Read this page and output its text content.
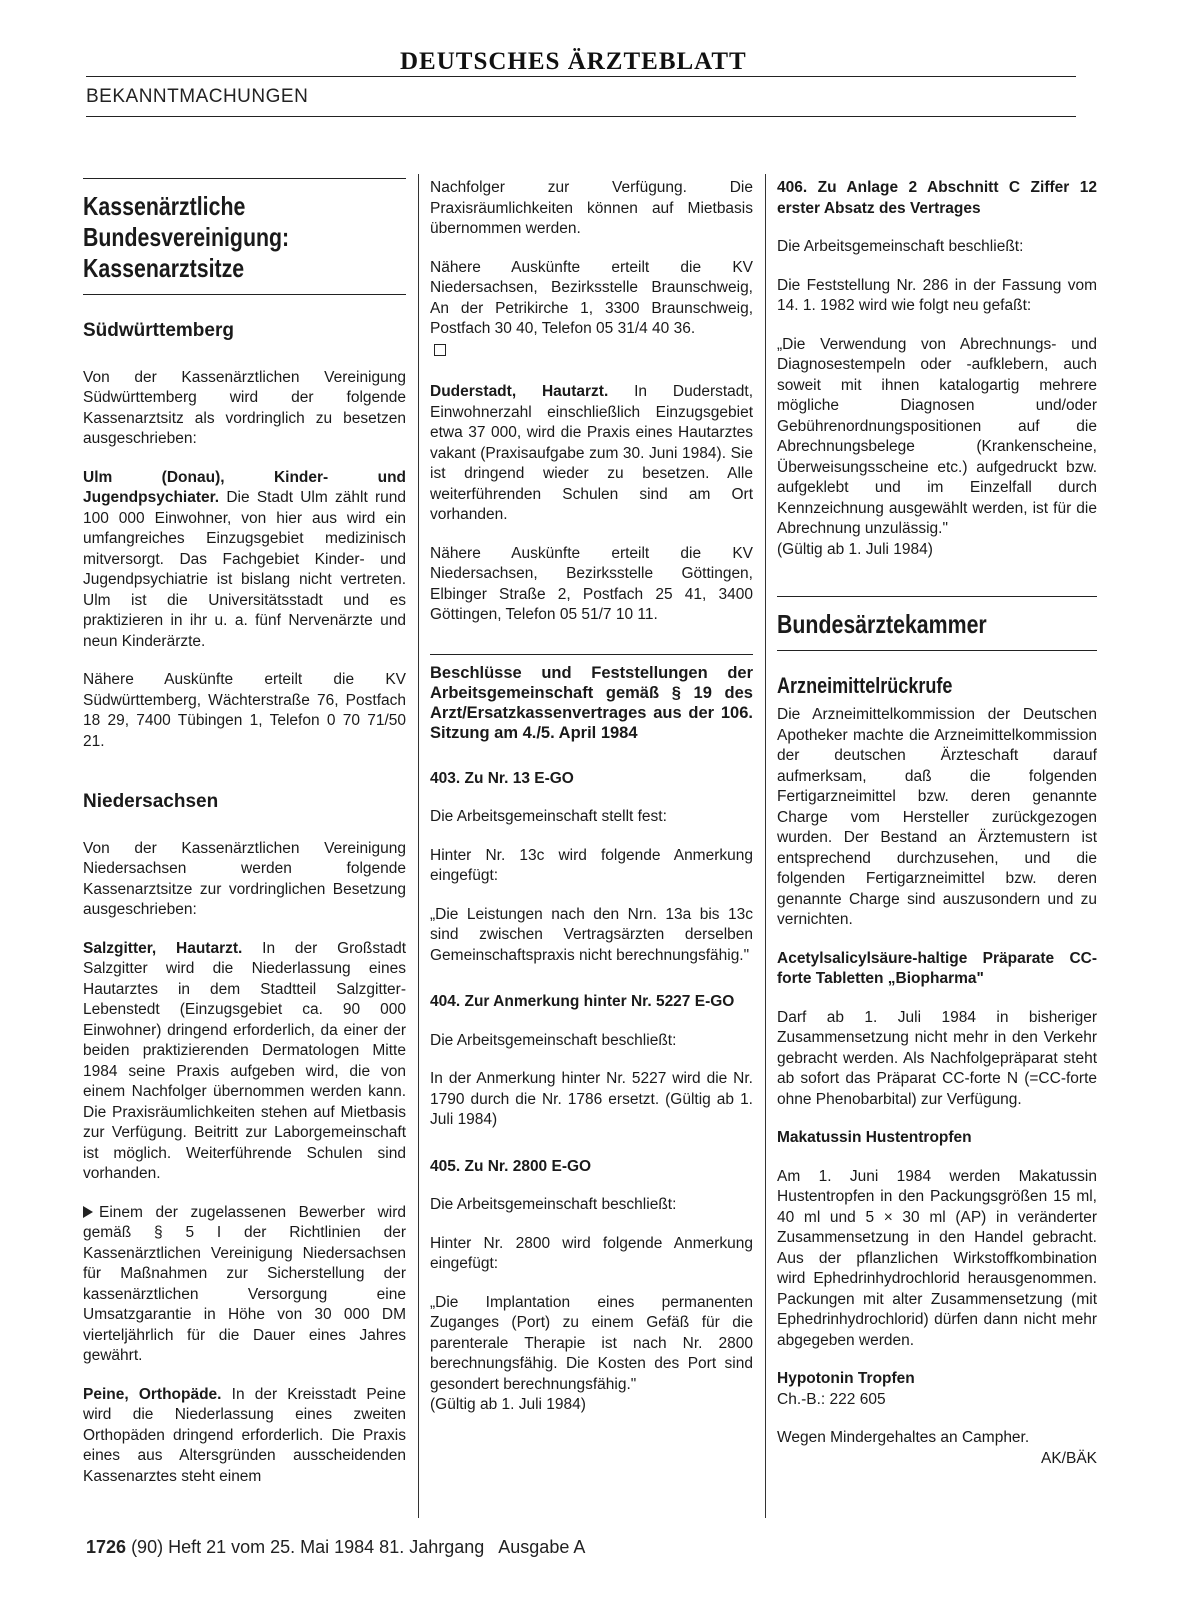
DEUTSCHES ÄRZTEBLATT
BEKANNTMACHUNGEN
Kassenärztliche Bundesvereinigung: Kassenarztsitze
Südwürttemberg

Von der Kassenärztlichen Vereinigung Südwürttemberg wird der folgende Kassenarztsitz als vordringlich zu besetzen ausgeschrieben:

Ulm (Donau), Kinder- und Jugendpsychiater. Die Stadt Ulm zählt rund 100 000 Einwohner, von hier aus wird ein umfangreiches Einzugsgebiet medizinisch mitversorgt. Das Fachgebiet Kinder- und Jugendpsychiatrie ist bislang nicht vertreten. Ulm ist die Universitätsstadt und es praktizieren in ihr u. a. fünf Nervenärzte und neun Kinderärzte.

Nähere Auskünfte erteilt die KV Südwürttemberg, Wächterstraße 76, Postfach 18 29, 7400 Tübingen 1, Telefon 0 70 71/50 21.

Niedersachsen

Von der Kassenärztlichen Vereinigung Niedersachsen werden folgende Kassenarztsitze zur vordringlichen Besetzung ausgeschrieben:

Salzgitter, Hautarzt. In der Großstadt Salzgitter wird die Niederlassung eines Hautarztes in dem Stadtteil Salzgitter-Lebenstedt (Einzugsgebiet ca. 90 000 Einwohner) dringend erforderlich, da einer der beiden praktizierenden Dermatologen Mitte 1984 seine Praxis aufgeben wird, die von einem Nachfolger übernommen werden kann. Die Praxisräumlichkeiten stehen auf Mietbasis zur Verfügung. Beitritt zur Laborgemeinschaft ist möglich. Weiterführende Schulen sind vorhanden.

Einem der zugelassenen Bewerber wird gemäß § 5 I der Richtlinien der Kassenärztlichen Vereinigung Niedersachsen für Maßnahmen zur Sicherstellung der kassenärztlichen Versorgung eine Umsatzgarantie in Höhe von 30 000 DM vierteljährlich für die Dauer eines Jahres gewährt.

Peine, Orthopäde. In der Kreisstadt Peine wird die Niederlassung eines zweiten Orthopäden dringend erforderlich. Die Praxis eines aus Altersgründen ausscheidenden Kassenarztes steht einem

Nachfolger zur Verfügung. Die Praxisräumlichkeiten können auf Mietbasis übernommen werden.

Nähere Auskünfte erteilt die KV Niedersachsen, Bezirksstelle Braunschweig, An der Petrikirche 1, 3300 Braunschweig, Postfach 30 40, Telefon 05 31/4 40 36.

Duderstadt, Hautarzt. In Duderstadt, Einwohnerzahl einschließlich Einzugsgebiet etwa 37 000, wird die Praxis eines Hautarztes vakant (Praxisaufgabe zum 30. Juni 1984). Sie ist dringend wieder zu besetzen. Alle weiterführenden Schulen sind am Ort vorhanden.

Nähere Auskünfte erteilt die KV Niedersachsen, Bezirksstelle Göttingen, Elbinger Straße 2, Postfach 25 41, 3400 Göttingen, Telefon 05 51/7 10 11.

Beschlüsse und Feststellungen der Arbeitsgemeinschaft gemäß § 19 des Arzt/Ersatzkassenvertrages aus der 106. Sitzung am 4./5. April 1984

403. Zu Nr. 13 E-GO

Die Arbeitsgemeinschaft stellt fest:

Hinter Nr. 13c wird folgende Anmerkung eingefügt:

„Die Leistungen nach den Nrn. 13a bis 13c sind zwischen Vertragsärzten derselben Gemeinschaftspraxis nicht berechnungsfähig."

404. Zur Anmerkung hinter Nr. 5227 E-GO

Die Arbeitsgemeinschaft beschließt:

In der Anmerkung hinter Nr. 5227 wird die Nr. 1790 durch die Nr. 1786 ersetzt. (Gültig ab 1. Juli 1984)

405. Zu Nr. 2800 E-GO

Die Arbeitsgemeinschaft beschließt:

Hinter Nr. 2800 wird folgende Anmerkung eingefügt:

„Die Implantation eines permanenten Zuganges (Port) zu einem Gefäß für die parenterale Therapie ist nach Nr. 2800 berechnungsfähig. Die Kosten des Port sind gesondert berechnungsfähig."

(Gültig ab 1. Juli 1984)

406. Zu Anlage 2 Abschnitt C Ziffer 12 erster Absatz des Vertrages

Die Arbeitsgemeinschaft beschließt:

Die Feststellung Nr. 286 in der Fassung vom 14. 1. 1982 wird wie folgt neu gefaßt:

„Die Verwendung von Abrechnungs- und Diagnosestempeln oder -aufklebern, auch soweit mit ihnen katalogartig mehrere mögliche Diagnosen und/oder Gebührenordnungspositionen auf die Abrechnungsbelege (Krankenscheine, Überweisungsscheine etc.) aufgedruckt bzw. aufgeklebt und im Einzelfall durch Kennzeichnung ausgewählt werden, ist für die Abrechnung unzulässig."

(Gültig ab 1. Juli 1984)

Bundesärztekammer
Arzneimittelrückrufe

Die Arzneimittelkommission der Deutschen Apotheker machte die Arzneimittelkommission der deutschen Ärzteschaft darauf aufmerksam, daß die folgenden Fertigarzneimittel bzw. deren genannte Charge vom Hersteller zurückgezogen wurden. Der Bestand an Ärztemustern ist entsprechend durchzusehen, und die folgenden Fertigarzneimittel bzw. deren genannte Charge sind auszusondern und zu vernichten.

Acetylsalicylsäure-haltige Präparate CC-forte Tabletten „Biopharma"

Darf ab 1. Juli 1984 in bisheriger Zusammensetzung nicht mehr in den Verkehr gebracht werden. Als Nachfolgepräparat steht ab sofort das Präparat CC-forte N (=CC-forte ohne Phenobarbital) zur Verfügung.

Makatussin Hustentropfen

Am 1. Juni 1984 werden Makatussin Hustentropfen in den Packungsgrößen 15 ml, 40 ml und 5 × 30 ml (AP) in veränderter Zusammensetzung in den Handel gebracht. Aus der pflanzlichen Wirkstoffkombination wird Ephedrinhydrochlorid herausgenommen. Packungen mit alter Zusammensetzung (mit Ephedrinhydrochlorid) dürfen dann nicht mehr abgegeben werden.

Hypotonin Tropfen

Ch.-B.: 222 605

Wegen Mindergehaltes an Campher.

AK/BÄK

1726 (90) Heft 21 vom 25. Mai 1984 81. Jahrgang   Ausgabe A
